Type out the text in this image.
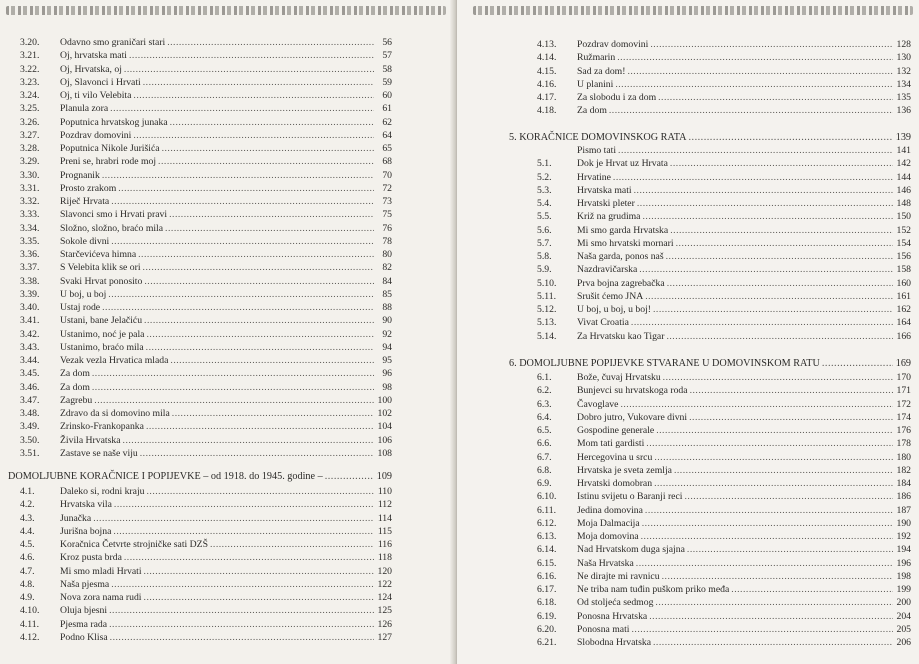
3.20.	Odavno smo graničari stari .....	56
3.21.	Oj, hrvatska mati .....	57
3.22.	Oj, Hrvatska, oj .....	58
3.23.	Oj, Slavonci i Hrvati .....	59
3.24.	Oj, ti vilo Velebita .....	60
3.25.	Planula zora .....	61
3.26.	Poputnica hrvatskog junaka .....	62
3.27.	Pozdrav domovini .....	64
3.28.	Poputnica Nikole Jurišića .....	65
3.29.	Preni se, hrabri rode moj .....	68
3.30.	Prognanik .....	70
3.31.	Prosto zrakom .....	72
3.32.	Riječ Hrvata .....	73
3.33.	Slavonci smo i Hrvati pravi .....	75
3.34.	Složno, složno, braćo mila .....	76
3.35.	Sokole divni .....	78
3.36.	Starčevićeva himna .....	80
3.37.	S Velebita klik se ori .....	82
3.38.	Svaki Hrvat ponosito .....	84
3.39.	U boj, u boj .....	85
3.40.	Ustaj rode .....	88
3.41.	Ustani, bane Jelačiću .....	90
3.42.	Ustanimo, noć je pala .....	92
3.43.	Ustanimo, braćo mila .....	94
3.44.	Vezak vezla Hrvatica mlada .....	95
3.45.	Za dom .....	96
3.46.	Za dom .....	98
3.47.	Zagrebu .....	100
3.48.	Zdravo da si domovino mila .....	102
3.49.	Zrinsko-Frankopanka .....	104
3.50.	Živila Hrvatska .....	106
3.51.	Zastave se naše viju .....	108
DOMOLJUBNE KORAČNICE I POPIJEVKE – od 1918. do 1945. godine – .....	109
4.1.	Daleko si, rodni kraju .....	110
4.2.	Hrvatska vila .....	112
4.3.	Junačka .....	114
4.4.	Jurišna bojna .....	115
4.5.	Koračnica Četvrte strojničke sati DZŠ .....	116
4.6.	Kroz pusta brda .....	118
4.7.	Mi smo mladi Hrvati .....	120
4.8.	Naša pjesma .....	122
4.9.	Nova zora nama rudi .....	124
4.10.	Oluja bjesni .....	125
4.11.	Pjesma rada .....	126
4.12.	Podno Klisa .....	127
4.13.	Pozdrav domovini .....	128
4.14.	Ružmarin .....	130
4.15.	Sad za dom! .....	132
4.16.	U planini .....	134
4.17.	Za slobodu i za dom .....	135
4.18.	Za dom .....	136
5. KORAČNICE DOMOVINSKOG RATA .....	139
Pismo tati .....	141
5.1.	Dok je Hrvat uz Hrvata .....	142
5.2.	Hrvatine .....	144
5.3.	Hrvatska mati .....	146
5.4.	Hrvatski pleter .....	148
5.5.	Križ na grudima .....	150
5.6.	Mi smo garda Hrvatska .....	152
5.7.	Mi smo hrvatski mornari .....	154
5.8.	Naša garda, ponos naš .....	156
5.9.	Nazdravičarska .....	158
5.10.	Prva bojna zagrebačka .....	160
5.11.	Srušit ćemo JNA .....	161
5.12.	U boj, u boj, u boj! .....	162
5.13.	Vivat Croatia .....	164
5.14.	Za Hrvatsku kao Tigar .....	166
6. DOMOLJUBNE POPIJEVKE STVARANE U DOMOVINSKOM RATU .....	169
6.1.	Bože, čuvaj Hrvatsku .....	170
6.2.	Bunjevci su hrvatskoga roda .....	171
6.3.	Čavoglave .....	172
6.4.	Dobro jutro, Vukovare divni .....	174
6.5.	Gospodine generale .....	176
6.6.	Mom tati gardisti .....	178
6.7.	Hercegovina u srcu .....	180
6.8.	Hrvatska je sveta zemlja .....	182
6.9.	Hrvatski domobran .....	184
6.10.	Istinu svijetu o Baranji reci .....	186
6.11.	Jedina domovina .....	187
6.12.	Moja Dalmacija .....	190
6.13.	Moja domovina .....	192
6.14.	Nad Hrvatskom duga sjajna .....	194
6.15.	Naša Hrvatska .....	196
6.16.	Ne dirajte mi ravnicu .....	198
6.17.	Ne triba nam tuđin puškom priko međa .....	199
6.18.	Od stoljeća sedmog .....	200
6.19.	Ponosna Hrvatska .....	204
6.20.	Ponosna mati .....	205
6.21.	Slobodna Hrvatska .....	206
